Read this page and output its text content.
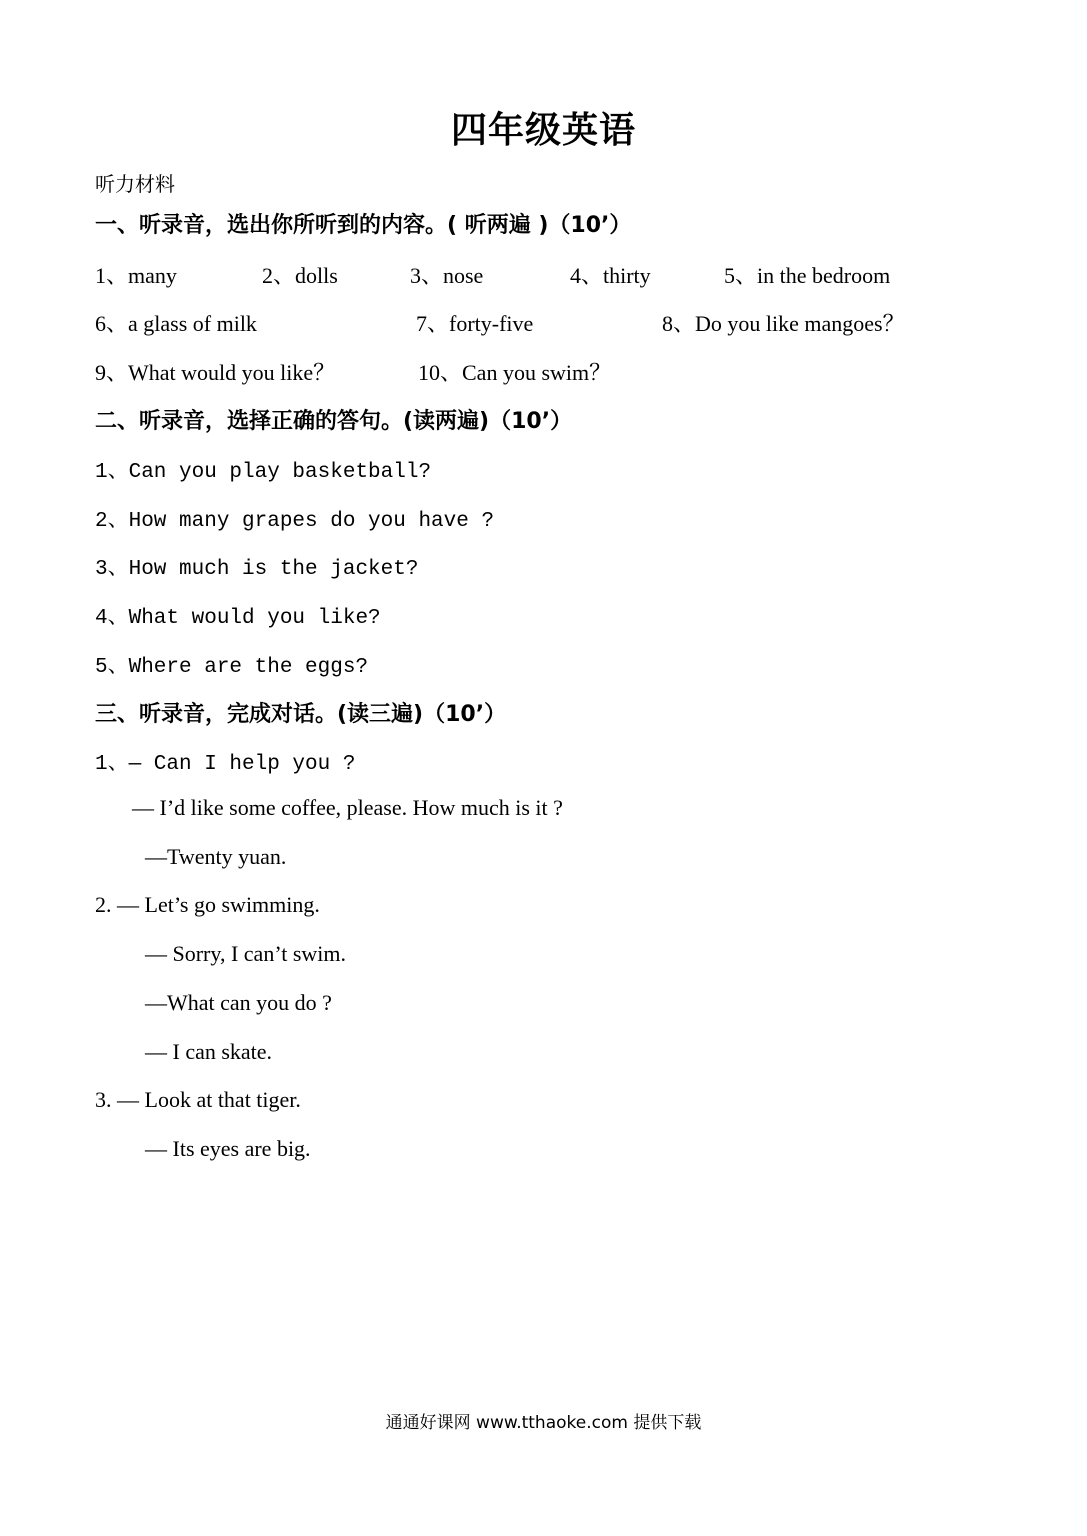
四年级英语
听力材料
一、听录音，选出你所听到的内容。( 听两遍 )（10’）
1、many	2、dolls	3、nose	4、thirty	5、in the bedroom
6、a glass of milk	7、forty-five	8、Do you like mangoes？
9、What would you like？	10、Can you swim？
二、听录音，选择正确的答句。(读两遍)（10’）
1、Can you play basketball?
2、How many grapes do you have ?
3、How much is the jacket?
4、What would you like?
5、Where are the eggs?
三、听录音，完成对话。(读三遍)（10’）
1、— Can I help you ?
— I’d like some coffee, please. How much is it ?
—Twenty yuan.
2. — Let’s go swimming.
— Sorry, I can’t swim.
—What can you do ?
— I can skate.
3. — Look at that tiger.
— Its eyes are big.
通通好课网 www.tthaoke.com 提供下载
